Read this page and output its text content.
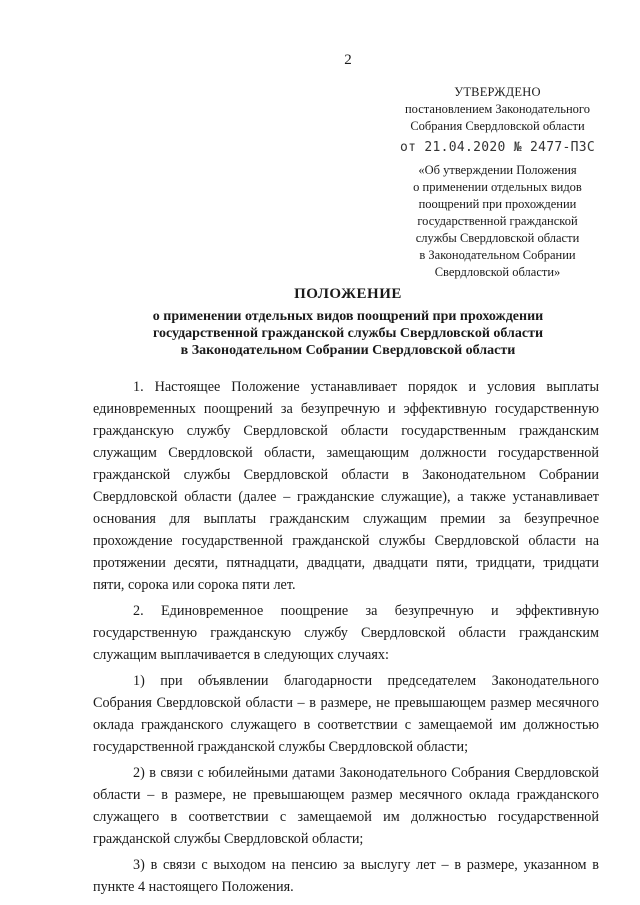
2
УТВЕРЖДЕНО
постановлением Законодательного
Собрания Свердловской области
от 21.04.2020 № 2477-ПЗС
«Об утверждении Положения
о применении отдельных видов
поощрений при прохождении
государственной гражданской
службы Свердловской области
в Законодательном Собрании
Свердловской области»
ПОЛОЖЕНИЕ
о применении отдельных видов поощрений при прохождении
государственной гражданской службы Свердловской области
в Законодательном Собрании Свердловской области

1. Настоящее Положение устанавливает порядок и условия выплаты единовременных поощрений за безупречную и эффективную государственную гражданскую службу Свердловской области государственным гражданским служащим Свердловской области, замещающим должности государственной гражданской службы Свердловской области в Законодательном Собрании Свердловской области (далее – гражданские служащие), а также устанавливает основания для выплаты гражданским служащим премии за безупречное прохождение государственной гражданской службы Свердловской области на протяжении десяти, пятнадцати, двадцати, двадцати пяти, тридцати, тридцати пяти, сорока или сорока пяти лет.

2. Единовременное поощрение за безупречную и эффективную государственную гражданскую службу Свердловской области гражданским служащим выплачивается в следующих случаях:

1) при объявлении благодарности председателем Законодательного Собрания Свердловской области – в размере, не превышающем размер месячного оклада гражданского служащего в соответствии с замещаемой им должностью государственной гражданской службы Свердловской области;

2) в связи с юбилейными датами Законодательного Собрания Свердловской области – в размере, не превышающем размер месячного оклада гражданского служащего в соответствии с замещаемой им должностью государственной гражданской службы Свердловской области;

3) в связи с выходом на пенсию за выслугу лет – в размере, указанном в пункте 4 настоящего Положения.
